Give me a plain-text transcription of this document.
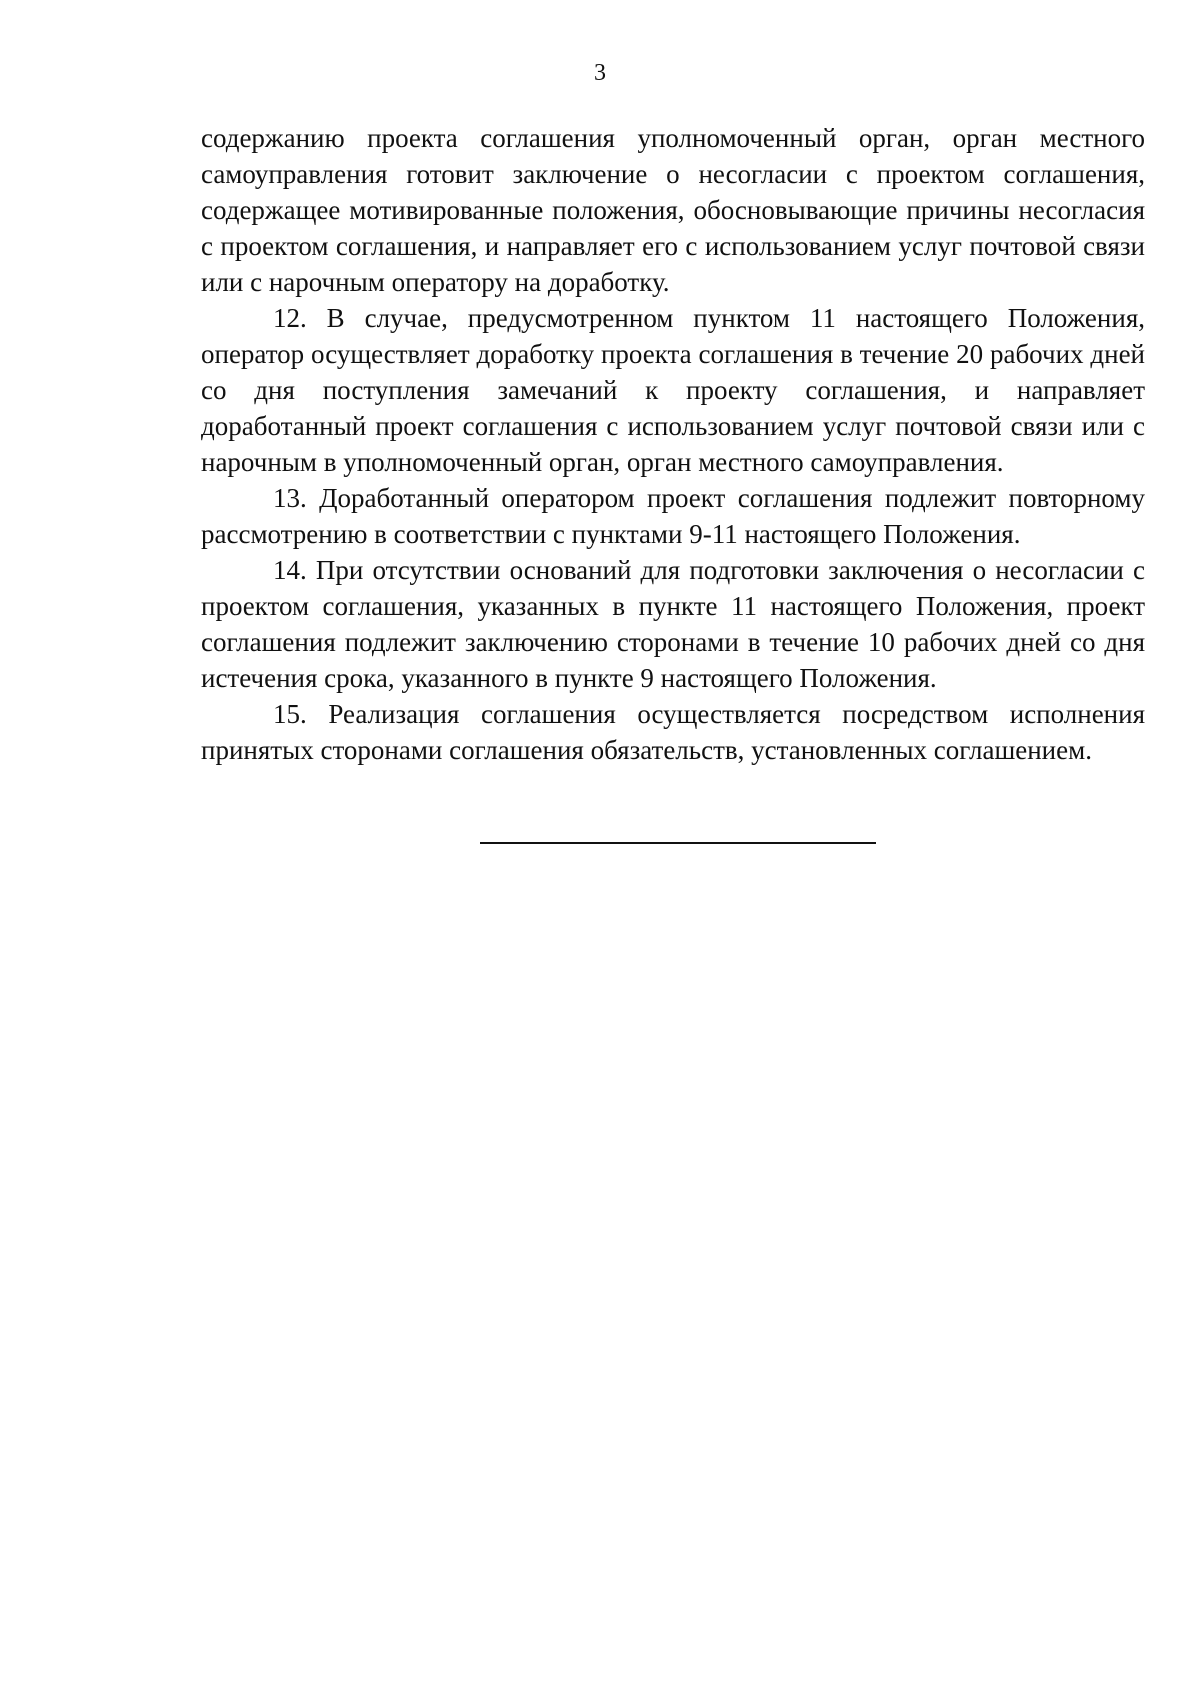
3

содержанию проекта соглашения уполномоченный орган, орган местного самоуправления готовит заключение о несогласии с проектом соглашения, содержащее мотивированные положения, обосновывающие причины несогласия с проектом соглашения, и направляет его с использованием услуг почтовой связи или с нарочным оператору на доработку.

12. В случае, предусмотренном пунктом 11 настоящего Положения, оператор осуществляет доработку проекта соглашения в течение 20 рабочих дней со дня поступления замечаний к проекту соглашения, и направляет доработанный проект соглашения с использованием услуг почтовой связи или с нарочным в уполномоченный орган, орган местного самоуправления.

13. Доработанный оператором проект соглашения подлежит повторному рассмотрению в соответствии с пунктами 9-11 настоящего Положения.

14. При отсутствии оснований для подготовки заключения о несогласии с проектом соглашения, указанных в пункте 11 настоящего Положения, проект соглашения подлежит заключению сторонами в течение 10 рабочих дней со дня истечения срока, указанного в пункте 9 настоящего Положения.

15. Реализация соглашения осуществляется посредством исполнения принятых сторонами соглашения обязательств, установленных соглашением.
